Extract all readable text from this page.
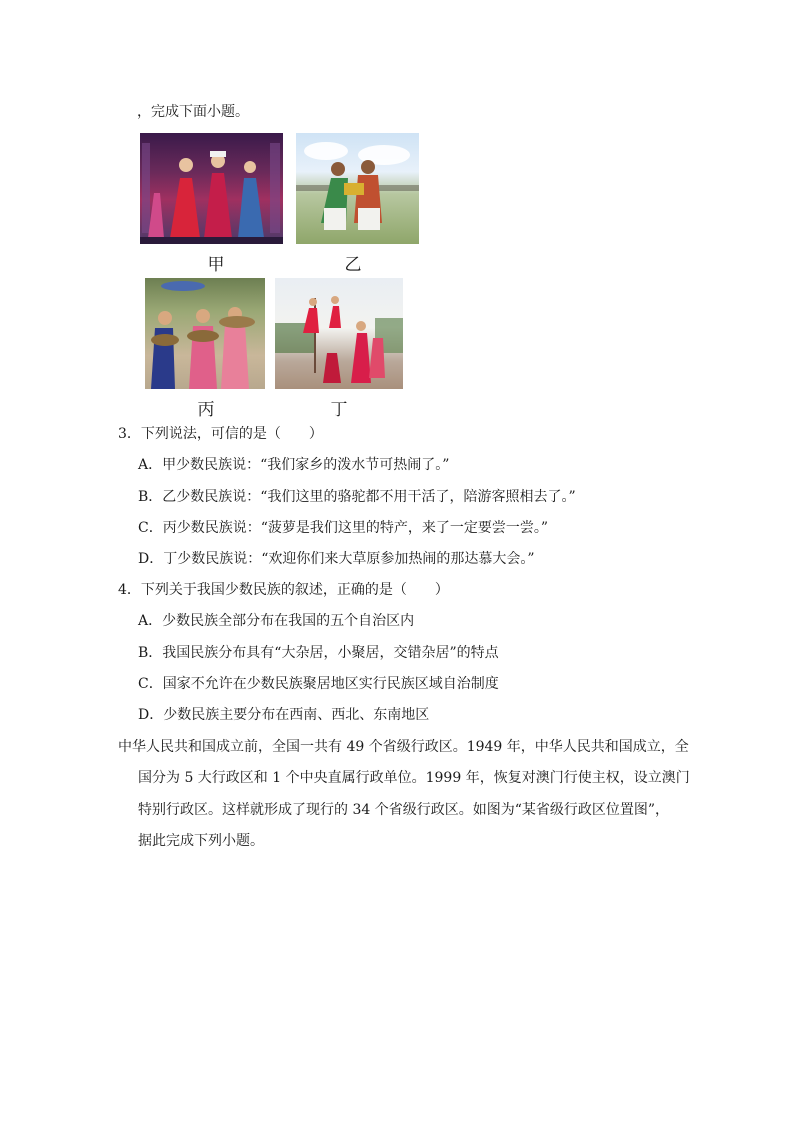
，完成下面小题。
甲	乙
丙	丁
3．下列说法，可信的是（　　）
A．甲少数民族说：“我们家乡的泼水节可热闹了。”
B．乙少数民族说：“我们这里的骆驼都不用干活了，陪游客照相去了。”
C．丙少数民族说：“菠萝是我们这里的特产，来了一定要尝一尝。”
D．丁少数民族说：“欢迎你们来大草原参加热闹的那达慕大会。”
4．下列关于我国少数民族的叙述，正确的是（　　）
A．少数民族全部分布在我国的五个自治区内
B．我国民族分布具有“大杂居，小聚居，交错杂居”的特点
C．国家不允许在少数民族聚居地区实行民族区域自治制度
D．少数民族主要分布在西南、西北、东南地区
中华人民共和国成立前，全国一共有 49 个省级行政区。1949 年，中华人民共和国成立，全
国分为 5 大行政区和 1 个中央直属行政单位。1999 年，恢复对澳门行使主权，设立澳门
特别行政区。这样就形成了现行的 34 个省级行政区。如图为“某省级行政区位置图”，
据此完成下列小题。
